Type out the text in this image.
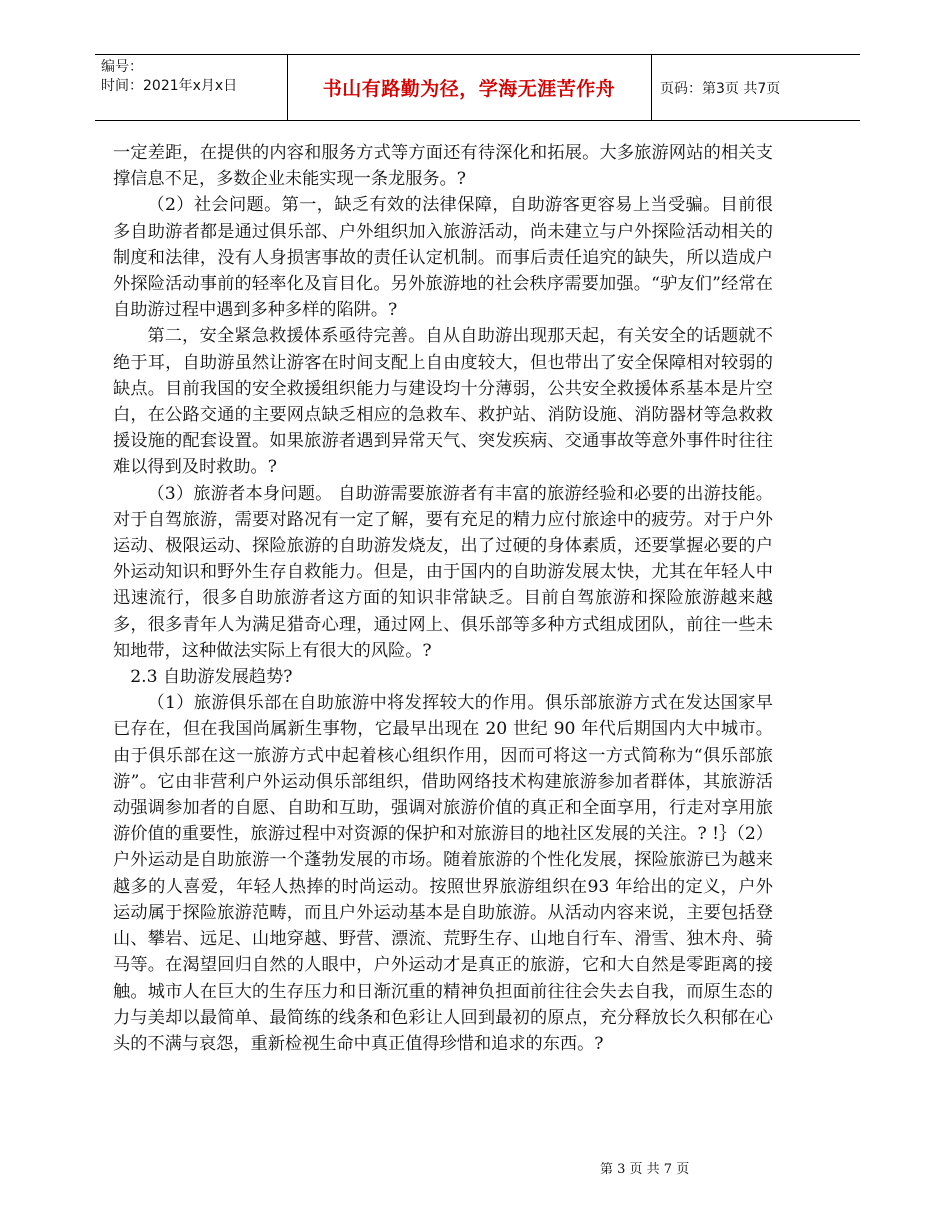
编号：
时间：2021年x月x日	书山有路勤为径，学海无涯苦作舟	页码：第3页 共7页

一定差距，在提供的内容和服务方式等方面还有待深化和拓展。大多旅游网站的相关支撑信息不足，多数企业未能实现一条龙服务。?

（2）社会问题。第一，缺乏有效的法律保障，自助游客更容易上当受骗。目前很多自助游者都是通过俱乐部、户外组织加入旅游活动，尚未建立与户外探险活动相关的制度和法律，没有人身损害事故的责任认定机制。而事后责任追究的缺失，所以造成户外探险活动事前的轻率化及盲目化。另外旅游地的社会秩序需要加强。“驴友们”经常在自助游过程中遇到多种多样的陷阱。?

第二，安全紧急救援体系亟待完善。自从自助游出现那天起，有关安全的话题就不绝于耳，自助游虽然让游客在时间支配上自由度较大，但也带出了安全保障相对较弱的缺点。目前我国的安全救援组织能力与建设均十分薄弱，公共安全救援体系基本是片空白，在公路交通的主要网点缺乏相应的急救车、救护站、消防设施、消防器材等急救救援设施的配套设置。如果旅游者遇到异常天气、突发疾病、交通事故等意外事件时往往难以得到及时救助。?

（3）旅游者本身问题。 自助游需要旅游者有丰富的旅游经验和必要的出游技能。对于自驾旅游，需要对路况有一定了解，要有充足的精力应付旅途中的疲劳。对于户外运动、极限运动、探险旅游的自助游发烧友，出了过硬的身体素质，还要掌握必要的户外运动知识和野外生存自救能力。但是，由于国内的自助游发展太快，尤其在年轻人中迅速流行，很多自助旅游者这方面的知识非常缺乏。目前自驾旅游和探险旅游越来越多，很多青年人为满足猎奇心理，通过网上、俱乐部等多种方式组成团队，前往一些未知地带，这种做法实际上有很大的风险。?

2.3 自助游发展趋势?

（1）旅游俱乐部在自助旅游中将发挥较大的作用。俱乐部旅游方式在发达国家早已存在，但在我国尚属新生事物，它最早出现在 20 世纪 90 年代后期国内大中城市。由于俱乐部在这一旅游方式中起着核心组织作用，因而可将这一方式简称为“俱乐部旅游”。它由非营利户外运动俱乐部组织，借助网络技术构建旅游参加者群体，其旅游活动强调参加者的自愿、自助和互助，强调对旅游价值的真正和全面享用，行走对享用旅游价值的重要性，旅游过程中对资源的保护和对旅游目的地社区发展的关注。? !｝（2）户外运动是自助旅游一个蓬勃发展的市场。随着旅游的个性化发展，探险旅游已为越来越多的人喜爱，年轻人热捧的时尚运动。按照世界旅游组织在93 年给出的定义，户外运动属于探险旅游范畴，而且户外运动基本是自助旅游。从活动内容来说，主要包括登山、攀岩、远足、山地穿越、野营、漂流、荒野生存、山地自行车、滑雪、独木舟、骑马等。在渴望回归自然的人眼中，户外运动才是真正的旅游，它和大自然是零距离的接触。城市人在巨大的生存压力和日渐沉重的精神负担面前往往会失去自我，而原生态的力与美却以最简单、最简练的线条和色彩让人回到最初的原点，充分释放长久积郁在心头的不满与哀怨，重新检视生命中真正值得珍惜和追求的东西。?

第 3 页 共 7 页
